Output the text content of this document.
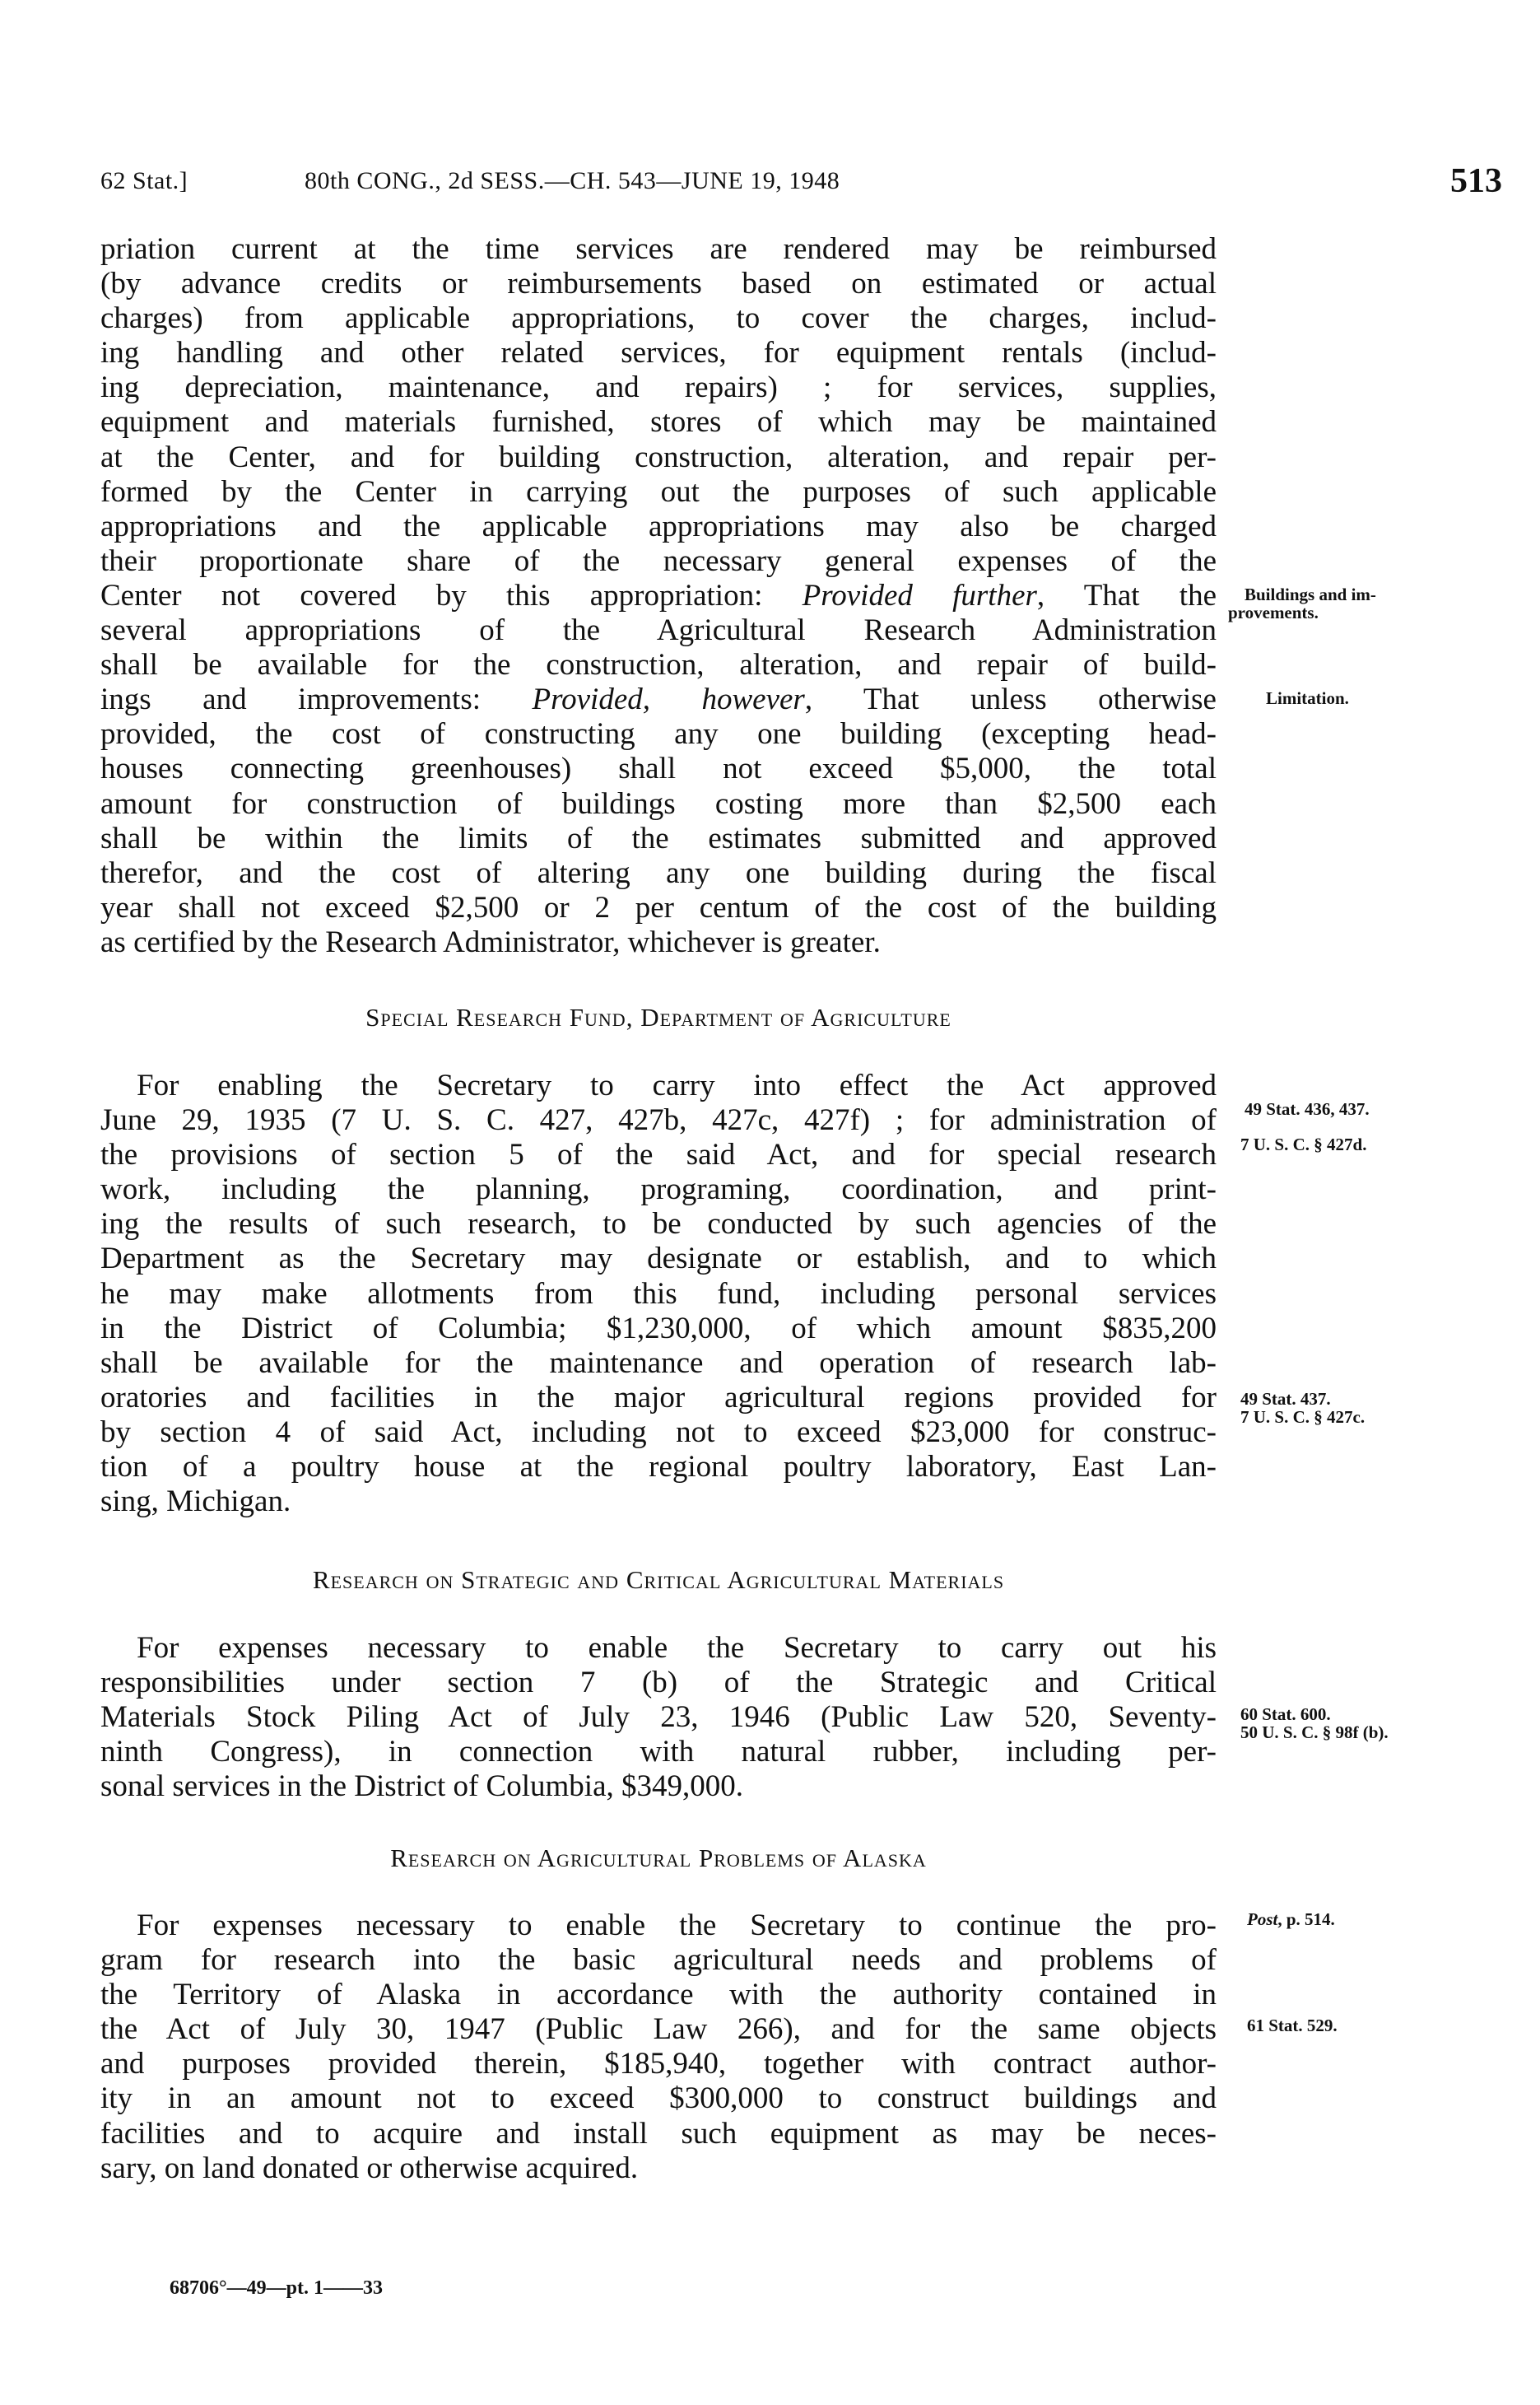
62 Stat.]	80th CONG., 2d SESS.—CH. 543—JUNE 19, 1948	513
priation current at the time services are rendered may be reimbursed
(by advance credits or reimbursements based on estimated or actual
charges) from applicable appropriations, to cover the charges, includ-
ing handling and other related services, for equipment rentals (includ-
ing depreciation, maintenance, and repairs) ; for services, supplies,
equipment and materials furnished, stores of which may be maintained
at the Center, and for building construction, alteration, and repair per-
formed by the Center in carrying out the purposes of such applicable
appropriations and the applicable appropriations may also be charged
their proportionate share of the necessary general expenses of the
Center not covered by this appropriation: Provided further, That the
several appropriations of the Agricultural Research Administration
shall be available for the construction, alteration, and repair of build-
ings and improvements: Provided, however, That unless otherwise
provided, the cost of constructing any one building (excepting head-
houses connecting greenhouses) shall not exceed $5,000, the total
amount for construction of buildings costing more than $2,500 each
shall be within the limits of the estimates submitted and approved
therefor, and the cost of altering any one building during the fiscal
year shall not exceed $2,500 or 2 per centum of the cost of the building
as certified by the Research Administrator, whichever is greater.
Special Research Fund, Department of Agriculture
For enabling the Secretary to carry into effect the Act approved
June 29, 1935 (7 U. S. C. 427, 427b, 427c, 427f) ; for administration of
the provisions of section 5 of the said Act, and for special research
work, including the planning, programing, coordination, and print-
ing the results of such research, to be conducted by such agencies of the
Department as the Secretary may designate or establish, and to which
he may make allotments from this fund, including personal services
in the District of Columbia; $1,230,000, of which amount $835,200
shall be available for the maintenance and operation of research lab-
oratories and facilities in the major agricultural regions provided for
by section 4 of said Act, including not to exceed $23,000 for construc-
tion of a poultry house at the regional poultry laboratory, East Lan-
sing, Michigan.
Research on Strategic and Critical Agricultural Materials
For expenses necessary to enable the Secretary to carry out his
responsibilities under section 7 (b) of the Strategic and Critical
Materials Stock Piling Act of July 23, 1946 (Public Law 520, Seventy-
ninth Congress), in connection with natural rubber, including per-
sonal services in the District of Columbia, $349,000.
Research on Agricultural Problems of Alaska
For expenses necessary to enable the Secretary to continue the pro-
gram for research into the basic agricultural needs and problems of
the Territory of Alaska in accordance with the authority contained in
the Act of July 30, 1947 (Public Law 266), and for the same objects
and purposes provided therein, $185,940, together with contract author-
ity in an amount not to exceed $300,000 to construct buildings and
facilities and to acquire and install such equipment as may be neces-
sary, on land donated or otherwise acquired.
Buildings and im-
provements.
Limitation.
49 Stat. 436, 437.
7 U. S. C. § 427d.
49 Stat. 437.
7 U. S. C. § 427c.
60 Stat. 600.
50 U. S. C. § 98f (b).
Post, p. 514.
61 Stat. 529.
68706°—49—pt. 1——33
